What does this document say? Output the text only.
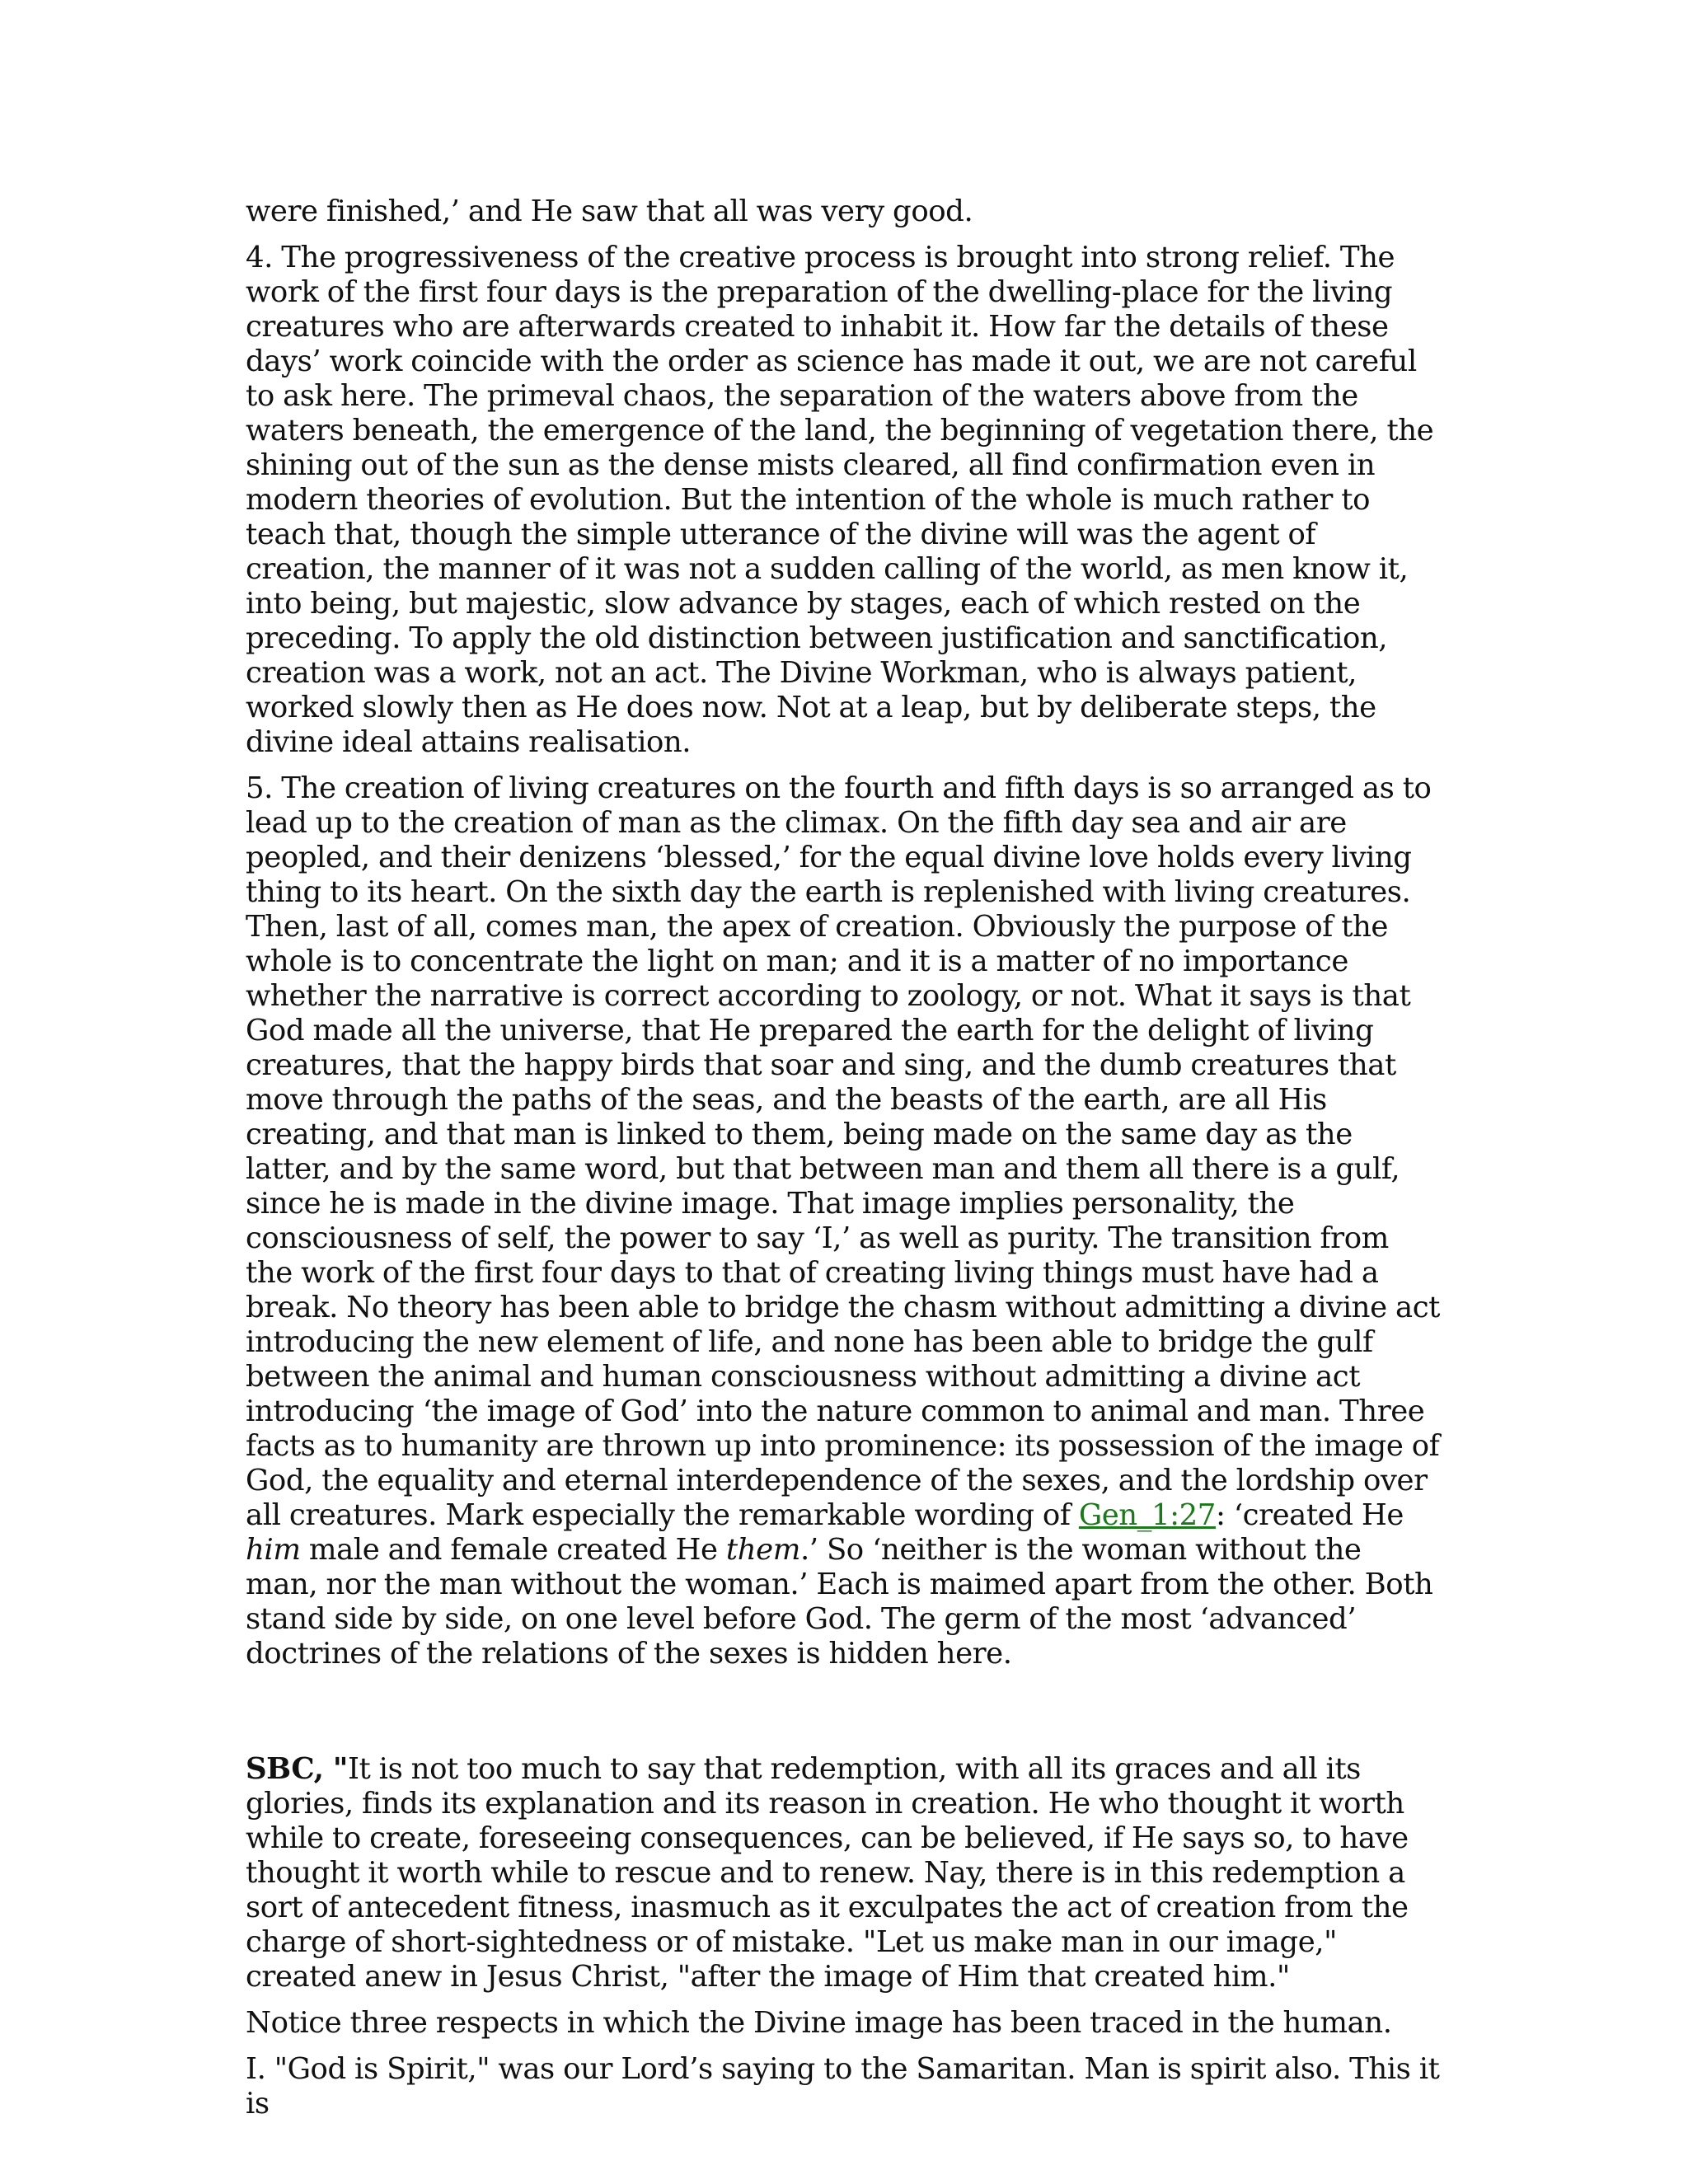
were finished,’ and He saw that all was very good.

4. The progressiveness of the creative process is brought into strong relief. The work of the first four days is the preparation of the dwelling-place for the living creatures who are afterwards created to inhabit it. How far the details of these days’ work coincide with the order as science has made it out, we are not careful to ask here. The primeval chaos, the separation of the waters above from the waters beneath, the emergence of the land, the beginning of vegetation there, the shining out of the sun as the dense mists cleared, all find confirmation even in modern theories of evolution. But the intention of the whole is much rather to teach that, though the simple utterance of the divine will was the agent of creation, the manner of it was not a sudden calling of the world, as men know it, into being, but majestic, slow advance by stages, each of which rested on the preceding. To apply the old distinction between justification and sanctification, creation was a work, not an act. The Divine Workman, who is always patient, worked slowly then as He does now. Not at a leap, but by deliberate steps, the divine ideal attains realisation.

5. The creation of living creatures on the fourth and fifth days is so arranged as to lead up to the creation of man as the climax. On the fifth day sea and air are peopled, and their denizens ‘blessed,’ for the equal divine love holds every living thing to its heart. On the sixth day the earth is replenished with living creatures. Then, last of all, comes man, the apex of creation. Obviously the purpose of the whole is to concentrate the light on man; and it is a matter of no importance whether the narrative is correct according to zoology, or not. What it says is that God made all the universe, that He prepared the earth for the delight of living creatures, that the happy birds that soar and sing, and the dumb creatures that move through the paths of the seas, and the beasts of the earth, are all His creating, and that man is linked to them, being made on the same day as the latter, and by the same word, but that between man and them all there is a gulf, since he is made in the divine image. That image implies personality, the consciousness of self, the power to say ‘I,’ as well as purity. The transition from the work of the first four days to that of creating living things must have had a break. No theory has been able to bridge the chasm without admitting a divine act introducing the new element of life, and none has been able to bridge the gulf between the animal and human consciousness without admitting a divine act introducing ‘the image of God’ into the nature common to animal and man. Three facts as to humanity are thrown up into prominence: its possession of the image of God, the equality and eternal interdependence of the sexes, and the lordship over all creatures. Mark especially the remarkable wording of Gen_1:27: ‘created He him male and female created He them.’ So ‘neither is the woman without the man, nor the man without the woman.’ Each is maimed apart from the other. Both stand side by side, on one level before God. The germ of the most ‘advanced’ doctrines of the relations of the sexes is hidden here.

SBC, "It is not too much to say that redemption, with all its graces and all its glories, finds its explanation and its reason in creation. He who thought it worth while to create, foreseeing consequences, can be believed, if He says so, to have thought it worth while to rescue and to renew. Nay, there is in this redemption a sort of antecedent fitness, inasmuch as it exculpates the act of creation from the charge of short-sightedness or of mistake. "Let us make man in our image," created anew in Jesus Christ, "after the image of Him that created him."

Notice three respects in which the Divine image has been traced in the human.

I. "God is Spirit," was our Lord’s saying to the Samaritan. Man is spirit also. This it is
